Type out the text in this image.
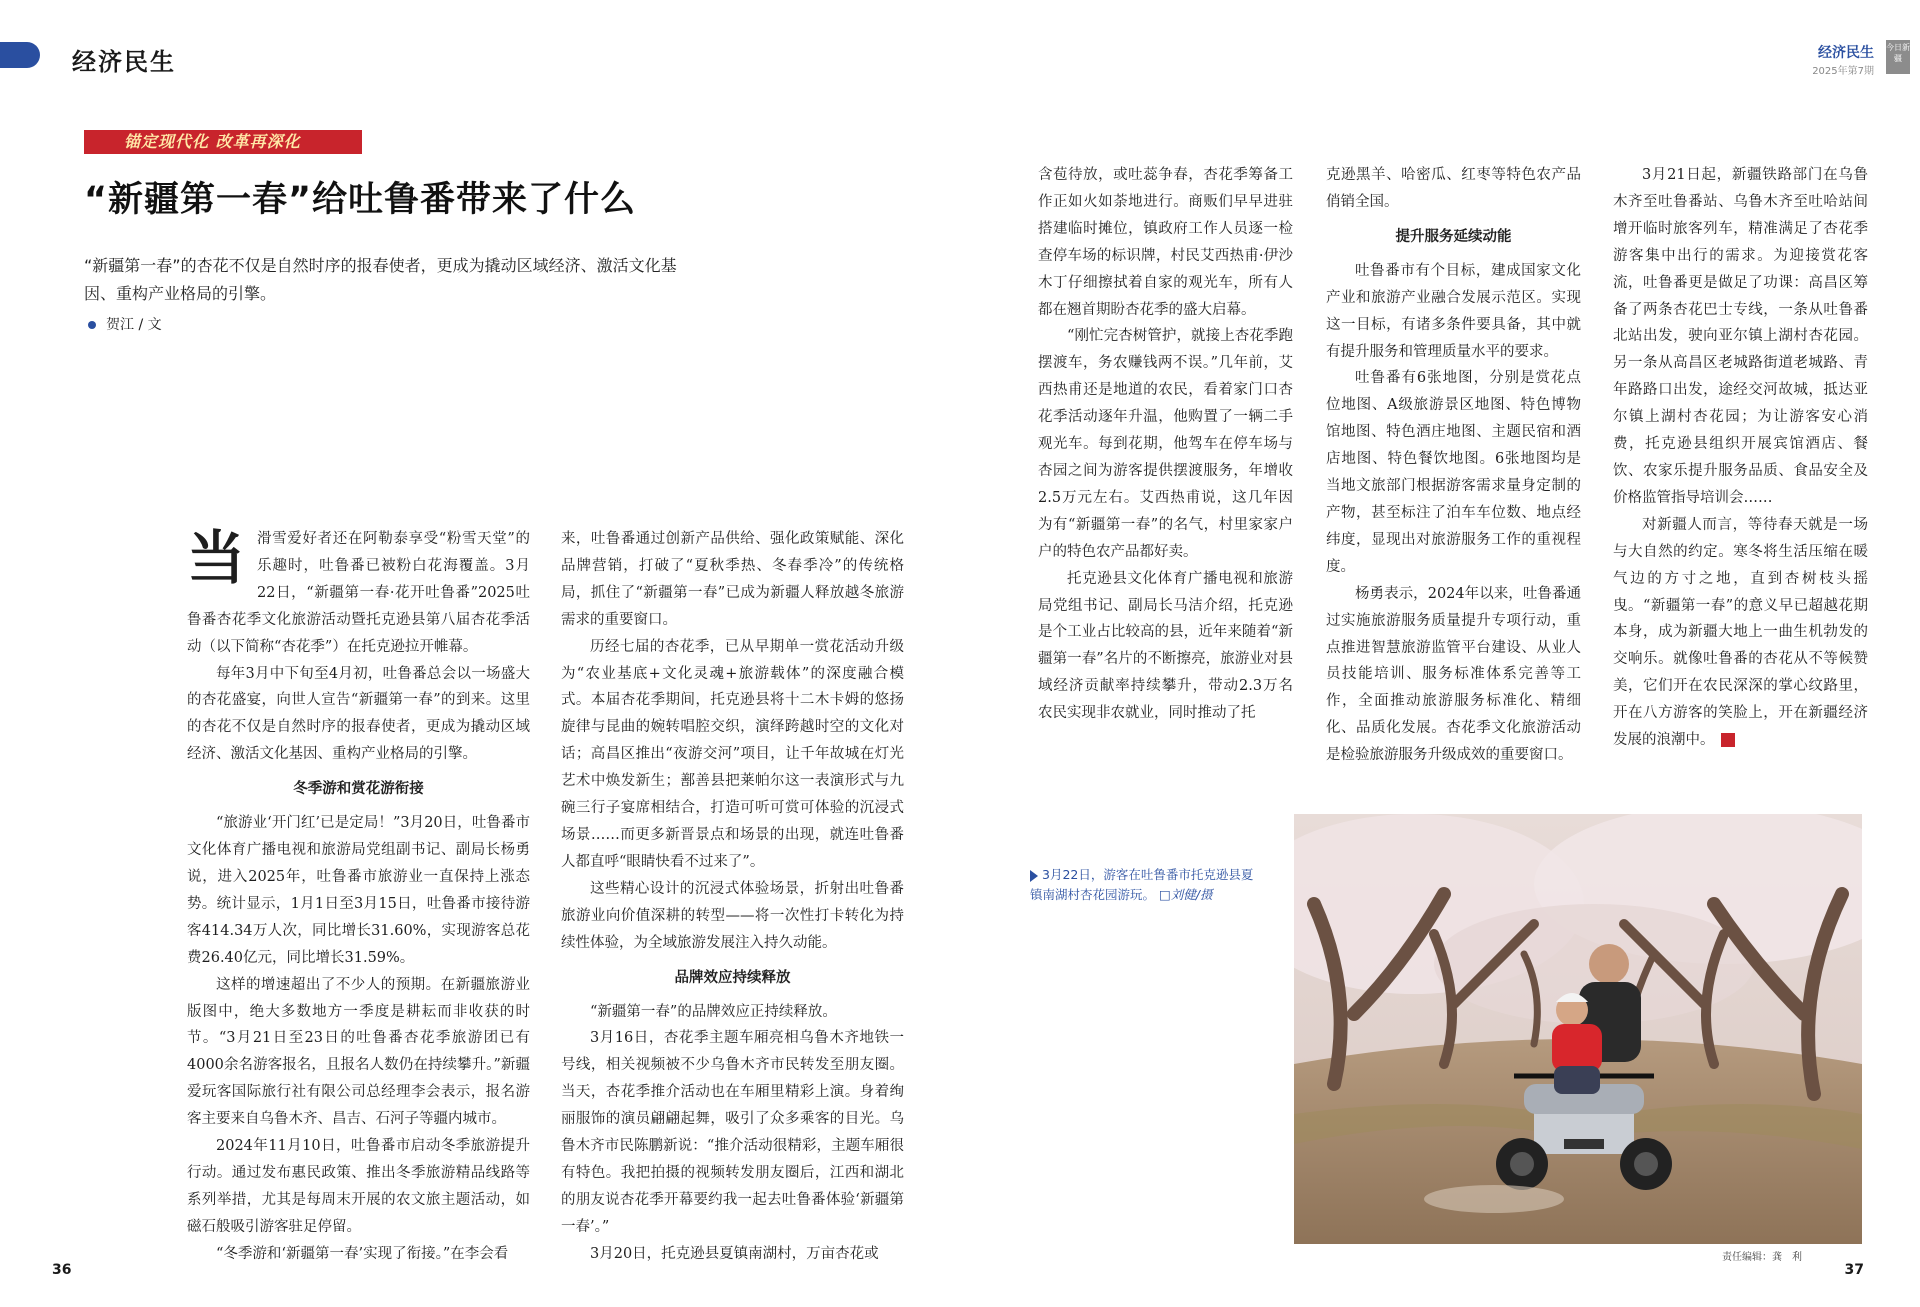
经济民生	经济民生
2025年第7期
今日新疆
锚定现代化 改革再深化
“新疆第一春”给吐鲁番带来了什么
“新疆第一春”的杏花不仅是自然时序的报春使者，更成为撬动区域经济、激活文化基因、重构产业格局的引擎。
贺江 / 文

当滑雪爱好者还在阿勒泰享受“粉雪天堂”的乐趣时，吐鲁番已被粉白花海覆盖。3月22日，“新疆第一春·花开吐鲁番”2025吐鲁番杏花季文化旅游活动暨托克逊县第八届杏花季活动（以下简称“杏花季”）在托克逊拉开帷幕。

每年3月中下旬至4月初，吐鲁番总会以一场盛大的杏花盛宴，向世人宣告“新疆第一春”的到来。这里的杏花不仅是自然时序的报春使者，更成为撬动区域经济、激活文化基因、重构产业格局的引擎。

冬季游和赏花游衔接

“旅游业‘开门红’已是定局！”3月20日，吐鲁番市文化体育广播电视和旅游局党组副书记、副局长杨勇说，进入2025年，吐鲁番市旅游业一直保持上涨态势。统计显示，1月1日至3月15日，吐鲁番市接待游客414.34万人次，同比增长31.60%，实现游客总花费26.40亿元，同比增长31.59%。

这样的增速超出了不少人的预期。在新疆旅游业版图中，绝大多数地方一季度是耕耘而非收获的时节。“3月21日至23日的吐鲁番杏花季旅游团已有4000余名游客报名，且报名人数仍在持续攀升。”新疆爱玩客国际旅行社有限公司总经理李会表示，报名游客主要来自乌鲁木齐、昌吉、石河子等疆内城市。

2024年11月10日，吐鲁番市启动冬季旅游提升行动。通过发布惠民政策、推出冬季旅游精品线路等系列举措，尤其是每周末开展的农文旅主题活动，如磁石般吸引游客驻足停留。

“冬季游和‘新疆第一春’实现了衔接。”在李会看

来，吐鲁番通过创新产品供给、强化政策赋能、深化品牌营销，打破了“夏秋季热、冬春季冷”的传统格局，抓住了“新疆第一春”已成为新疆人释放越冬旅游需求的重要窗口。

历经七届的杏花季，已从早期单一赏花活动升级为“农业基底+文化灵魂+旅游载体”的深度融合模式。本届杏花季期间，托克逊县将十二木卡姆的悠扬旋律与昆曲的婉转唱腔交织，演绎跨越时空的文化对话；高昌区推出“夜游交河”项目，让千年故城在灯光艺术中焕发新生；鄯善县把莱帕尔这一表演形式与九碗三行子宴席相结合，打造可听可赏可体验的沉浸式场景……而更多新晋景点和场景的出现，就连吐鲁番人都直呼“眼睛快看不过来了”。

这些精心设计的沉浸式体验场景，折射出吐鲁番旅游业向价值深耕的转型——将一次性打卡转化为持续性体验，为全域旅游发展注入持久动能。

品牌效应持续释放

“新疆第一春”的品牌效应正持续释放。

3月16日，杏花季主题车厢亮相乌鲁木齐地铁一号线，相关视频被不少乌鲁木齐市民转发至朋友圈。当天，杏花季推介活动也在车厢里精彩上演。身着绚丽服饰的演员翩翩起舞，吸引了众多乘客的目光。乌鲁木齐市民陈鹏新说：“推介活动很精彩，主题车厢很有特色。我把拍摄的视频转发朋友圈后，江西和湖北的朋友说杏花季开幕要约我一起去吐鲁番体验‘新疆第一春’。”

3月20日，托克逊县夏镇南湖村，万亩杏花或

含苞待放，或吐蕊争春，杏花季筹备工作正如火如荼地进行。商贩们早早进驻搭建临时摊位，镇政府工作人员逐一检查停车场的标识牌，村民艾西热甫·伊沙木丁仔细擦拭着自家的观光车，所有人都在翘首期盼杏花季的盛大启幕。

“刚忙完杏树管护，就接上杏花季跑摆渡车，务农赚钱两不误。”几年前，艾西热甫还是地道的农民，看着家门口杏花季活动逐年升温，他购置了一辆二手观光车。每到花期，他驾车在停车场与杏园之间为游客提供摆渡服务，年增收2.5万元左右。艾西热甫说，这几年因为有“新疆第一春”的名气，村里家家户户的特色农产品都好卖。

托克逊县文化体育广播电视和旅游局党组书记、副局长马洁介绍，托克逊是个工业占比较高的县，近年来随着“新疆第一春”名片的不断擦亮，旅游业对县域经济贡献率持续攀升，带动2.3万名农民实现非农就业，同时推动了托

克逊黑羊、哈密瓜、红枣等特色农产品俏销全国。

提升服务延续动能

吐鲁番市有个目标，建成国家文化产业和旅游产业融合发展示范区。实现这一目标，有诸多条件要具备，其中就有提升服务和管理质量水平的要求。

吐鲁番有6张地图，分别是赏花点位地图、A级旅游景区地图、特色博物馆地图、特色酒庄地图、主题民宿和酒店地图、特色餐饮地图。6张地图均是当地文旅部门根据游客需求量身定制的产物，甚至标注了泊车车位数、地点经纬度，显现出对旅游服务工作的重视程度。

杨勇表示，2024年以来，吐鲁番通过实施旅游服务质量提升专项行动，重点推进智慧旅游监管平台建设、从业人员技能培训、服务标准体系完善等工作，全面推动旅游服务标准化、精细化、品质化发展。杏花季文化旅游活动是检验旅游服务升级成效的重要窗口。

3月21日起，新疆铁路部门在乌鲁木齐至吐鲁番站、乌鲁木齐至吐哈站间增开临时旅客列车，精准满足了杏花季游客集中出行的需求。为迎接赏花客流，吐鲁番更是做足了功课：高昌区筹备了两条杏花巴士专线，一条从吐鲁番北站出发，驶向亚尔镇上湖村杏花园。另一条从高昌区老城路街道老城路、青年路路口出发，途经交河故城，抵达亚尔镇上湖村杏花园；为让游客安心消费，托克逊县组织开展宾馆酒店、餐饮、农家乐提升服务品质、食品安全及价格监管指导培训会……

对新疆人而言，等待春天就是一场与大自然的约定。寒冬将生活压缩在暖气边的方寸之地，直到杏树枝头摇曳。“新疆第一春”的意义早已超越花期本身，成为新疆大地上一曲生机勃发的交响乐。就像吐鲁番的杏花从不等候赞美，它们开在农民深深的掌心纹路里，开在八方游客的笑脸上，开在新疆经济发展的浪潮中。

3月22日，游客在吐鲁番市托克逊县夏镇南湖村杏花园游玩。 □刘健/摄
36
责任编辑：龚　利
37
